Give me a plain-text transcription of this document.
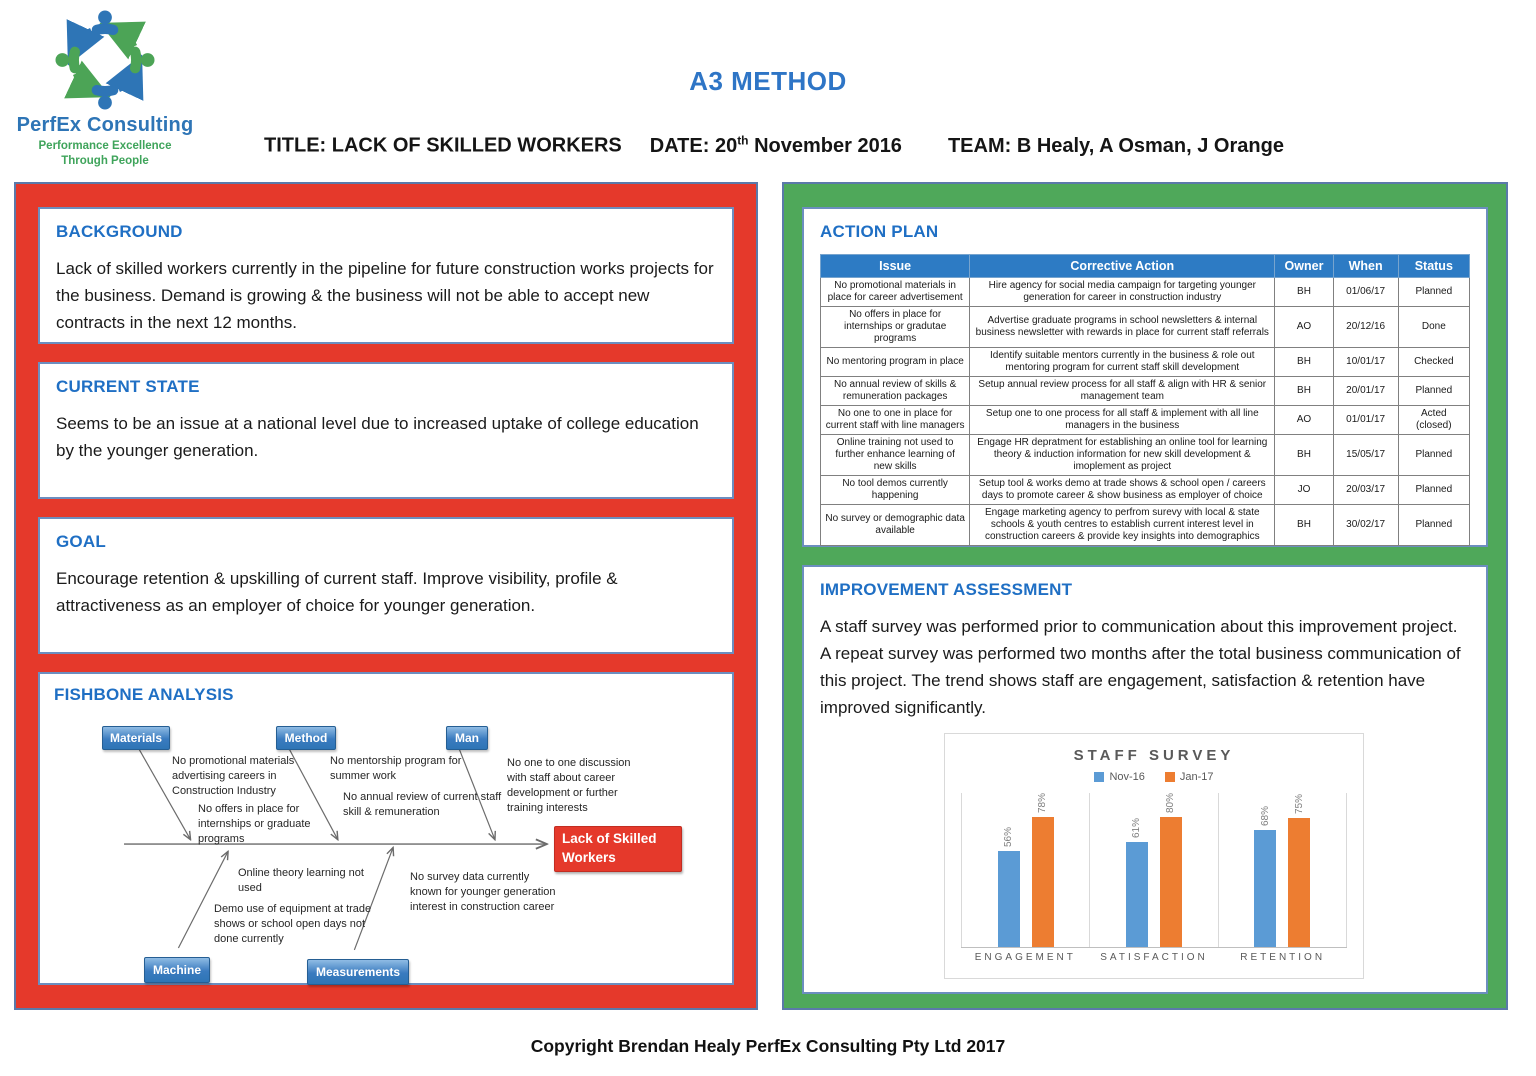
PerfEx Consulting
Performance Excellence
Through People
A3 METHOD
TITLE: LACK OF SKILLED WORKERS DATE: 20th November 2016 TEAM: B Healy, A Osman, J Orange
BACKGROUND

Lack of skilled workers currently in the pipeline for future construction works projects for the business. Demand is growing & the business will not be able to accept new contracts in the next 12 months.

CURRENT STATE

Seems to be an issue at a national level due to increased uptake of college education by the younger generation.

GOAL

Encourage retention & upskilling of current staff. Improve visibility, profile & attractiveness as an employer of choice for younger generation.

FISHBONE ANALYSIS
Materials	Method	Man
Machine	Measurements
Lack of Skilled
Workers
No promotional materials advertising careers in Construction Industry
No offers in place for internships or graduate programs
No mentorship program for summer work
No annual review of current staff skill & remuneration
No one to one discussion with staff about career development or further training interests
Online theory learning not used
Demo use of equipment at trade shows or school open days not done currently
No survey data currently known for younger generation interest in construction career
ACTION PLAN
Issue	Corrective Action	Owner	When	Status
No promotional materials in place for career advertisement	Hire agency for social media campaign for targeting younger generation for career in construction industry	BH	01/06/17	Planned
No offers in place for internships or gradutae programs	Advertise graduate programs in school newsletters & internal business newsletter with rewards in place for current staff referrals	AO	20/12/16	Done
No mentoring program in place	Identify suitable mentors currently in the business & role out mentoring program for current staff skill development	BH	10/01/17	Checked
No annual review of skills & remuneration packages	Setup annual review process for all staff & align with HR & senior management team	BH	20/01/17	Planned
No one to one in place for current staff with line managers	Setup one to one process for all staff & implement with all line managers in the business	AO	01/01/17	Acted (closed)
Online training not used to further enhance learning of new skills	Engage HR depratment for establishing an online tool for learning theory & induction information for new skill development & imoplement as project	BH	15/05/17	Planned
No tool demos currently happening	Setup tool & works demo at trade shows & school open / careers days to promote career & show business as employer of choice	JO	20/03/17	Planned
No survey or demographic data available	Engage marketing agency to perfrom surevy with local & state schools & youth centres to establish current interest level in construction careers & provide key insights into demographics	BH	30/02/17	Planned
IMPROVEMENT ASSESSMENT

A staff survey was performed prior to communication about this improvement project. A repeat survey was performed two months after the total business communication of this project. The trend shows staff are engagement, satisfaction & retention have improved significantly.

STAFF SURVEY
Nov-16	Jan-17
56%
78%
61%
80%
68%
75%
ENGAGEMENT	SATISFACTION	RETENTION
Copyright Brendan Healy PerfEx Consulting Pty Ltd 2017
